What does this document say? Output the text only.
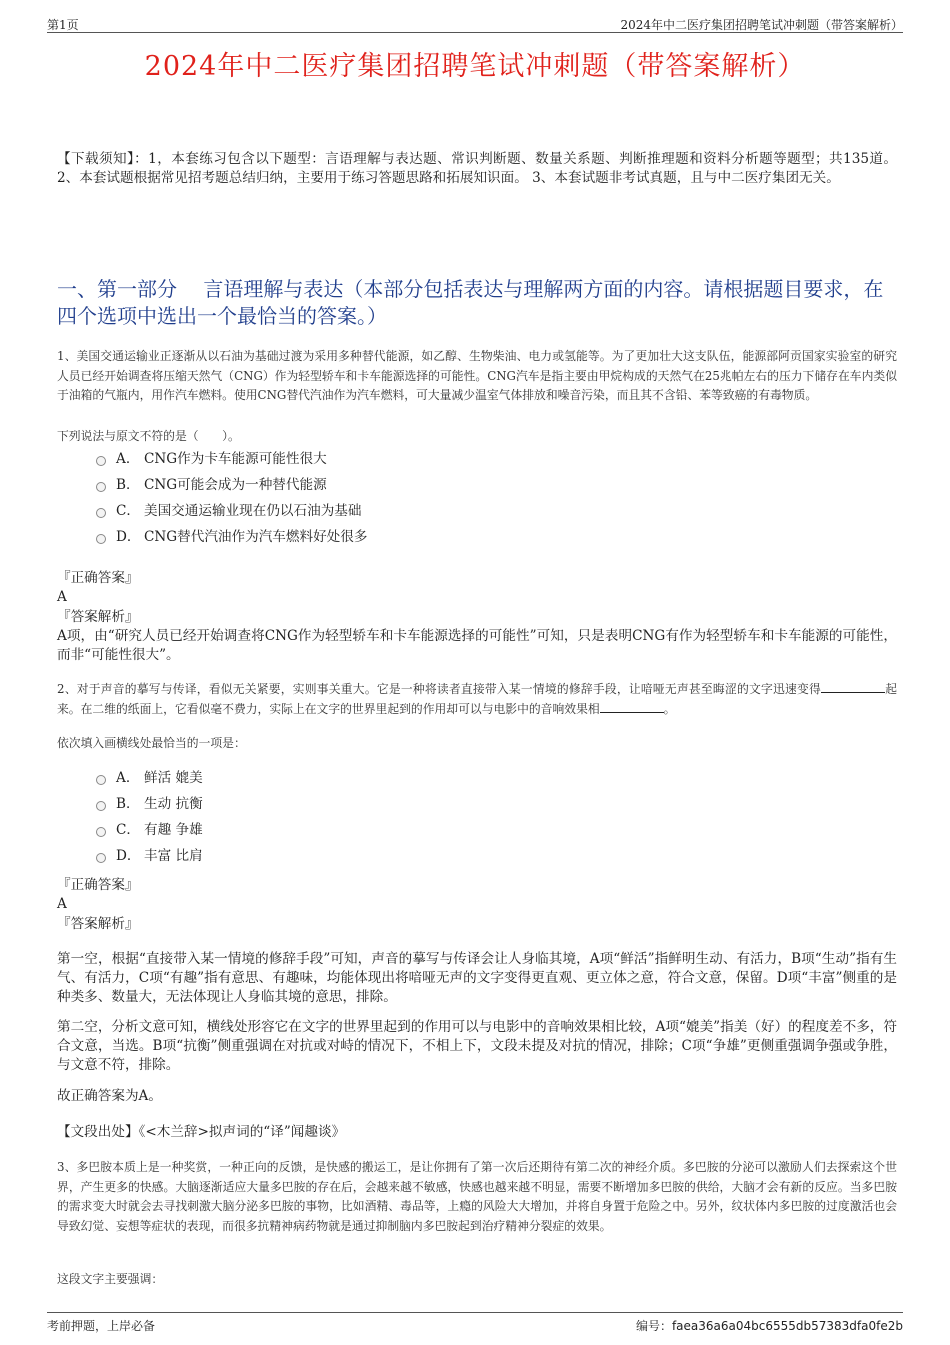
第1页	2024年中二医疗集团招聘笔试冲刺题（带答案解析）
2024年中二医疗集团招聘笔试冲刺题（带答案解析）
【下载须知】：1，本套练习包含以下题型：言语理解与表达题、常识判断题、数量关系题、判断推理题和资料分析题等题型；共135道。 2、本套试题根据常见招考题总结归纳，主要用于练习答题思路和拓展知识面。 3、本套试题非考试真题，且与中二医疗集团无关。
一、第一部分　 言语理解与表达（本部分包括表达与理解两方面的内容。请根据题目要求，在四个选项中选出一个最恰当的答案。）
1、美国交通运输业正逐渐从以石油为基础过渡为采用多种替代能源，如乙醇、生物柴油、电力或氢能等。为了更加壮大这支队伍，能源部阿贡国家实验室的研究人员已经开始调查将压缩天然气（CNG）作为轻型轿车和卡车能源选择的可能性。CNG汽车是指主要由甲烷构成的天然气在25兆帕左右的压力下储存在车内类似于油箱的气瓶内，用作汽车燃料。使用CNG替代汽油作为汽车燃料，可大量减少温室气体排放和噪音污染，而且其不含铅、苯等致癌的有毒物质。
下列说法与原文不符的是（　　）。
A． CNG作为卡车能源可能性很大
B． CNG可能会成为一种替代能源
C． 美国交通运输业现在仍以石油为基础
D． CNG替代汽油作为汽车燃料好处很多
『正确答案』
A
『答案解析』
A项，由“研究人员已经开始调查将CNG作为轻型轿车和卡车能源选择的可能性”可知，只是表明CNG有作为轻型轿车和卡车能源的可能性，而非“可能性很大”。
2、对于声音的摹写与传译，看似无关紧要，实则事关重大。它是一种将读者直接带入某一情境的修辞手段，让喑哑无声甚至晦涩的文字迅速变得	起来。在二维的纸面上，它看似毫不费力，实际上在文字的世界里起到的作用却可以与电影中的音响效果相	。
依次填入画横线处最恰当的一项是：
A． 鲜活 媲美
B． 生动 抗衡
C． 有趣 争雄
D． 丰富 比肩
『正确答案』
A
『答案解析』
第一空，根据“直接带入某一情境的修辞手段”可知，声音的摹写与传译会让人身临其境，A项“鲜活”指鲜明生动、有活力，B项“生动”指有生气、有活力，C项“有趣”指有意思、有趣味，均能体现出将喑哑无声的文字变得更直观、更立体之意，符合文意，保留。D项“丰富”侧重的是种类多、数量大，无法体现让人身临其境的意思，排除。
第二空，分析文意可知，横线处形容它在文字的世界里起到的作用可以与电影中的音响效果相比较，A项“媲美”指美（好）的程度差不多，符合文意，当选。B项“抗衡”侧重强调在对抗或对峙的情况下，不相上下，文段未提及对抗的情况，排除；C项“争雄”更侧重强调争强或争胜，与文意不符，排除。
故正确答案为A。
【文段出处】《<木兰辞>拟声词的“译”闻趣谈》
3、多巴胺本质上是一种奖赏，一种正向的反馈，是快感的搬运工，是让你拥有了第一次后还期待有第二次的神经介质。多巴胺的分泌可以激励人们去探索这个世界，产生更多的快感。大脑逐渐适应大量多巴胺的存在后，会越来越不敏感，快感也越来越不明显，需要不断增加多巴胺的供给，大脑才会有新的反应。当多巴胺的需求变大时就会去寻找刺激大脑分泌多巴胺的事物，比如酒精、毒品等，上瘾的风险大大增加，并将自身置于危险之中。另外，纹状体内多巴胺的过度激活也会导致幻觉、妄想等症状的表现，而很多抗精神病药物就是通过抑制脑内多巴胺起到治疗精神分裂症的效果。
这段文字主要强调：
考前押题，上岸必备	编号：faea36a6a04bc6555db57383dfa0fe2b
